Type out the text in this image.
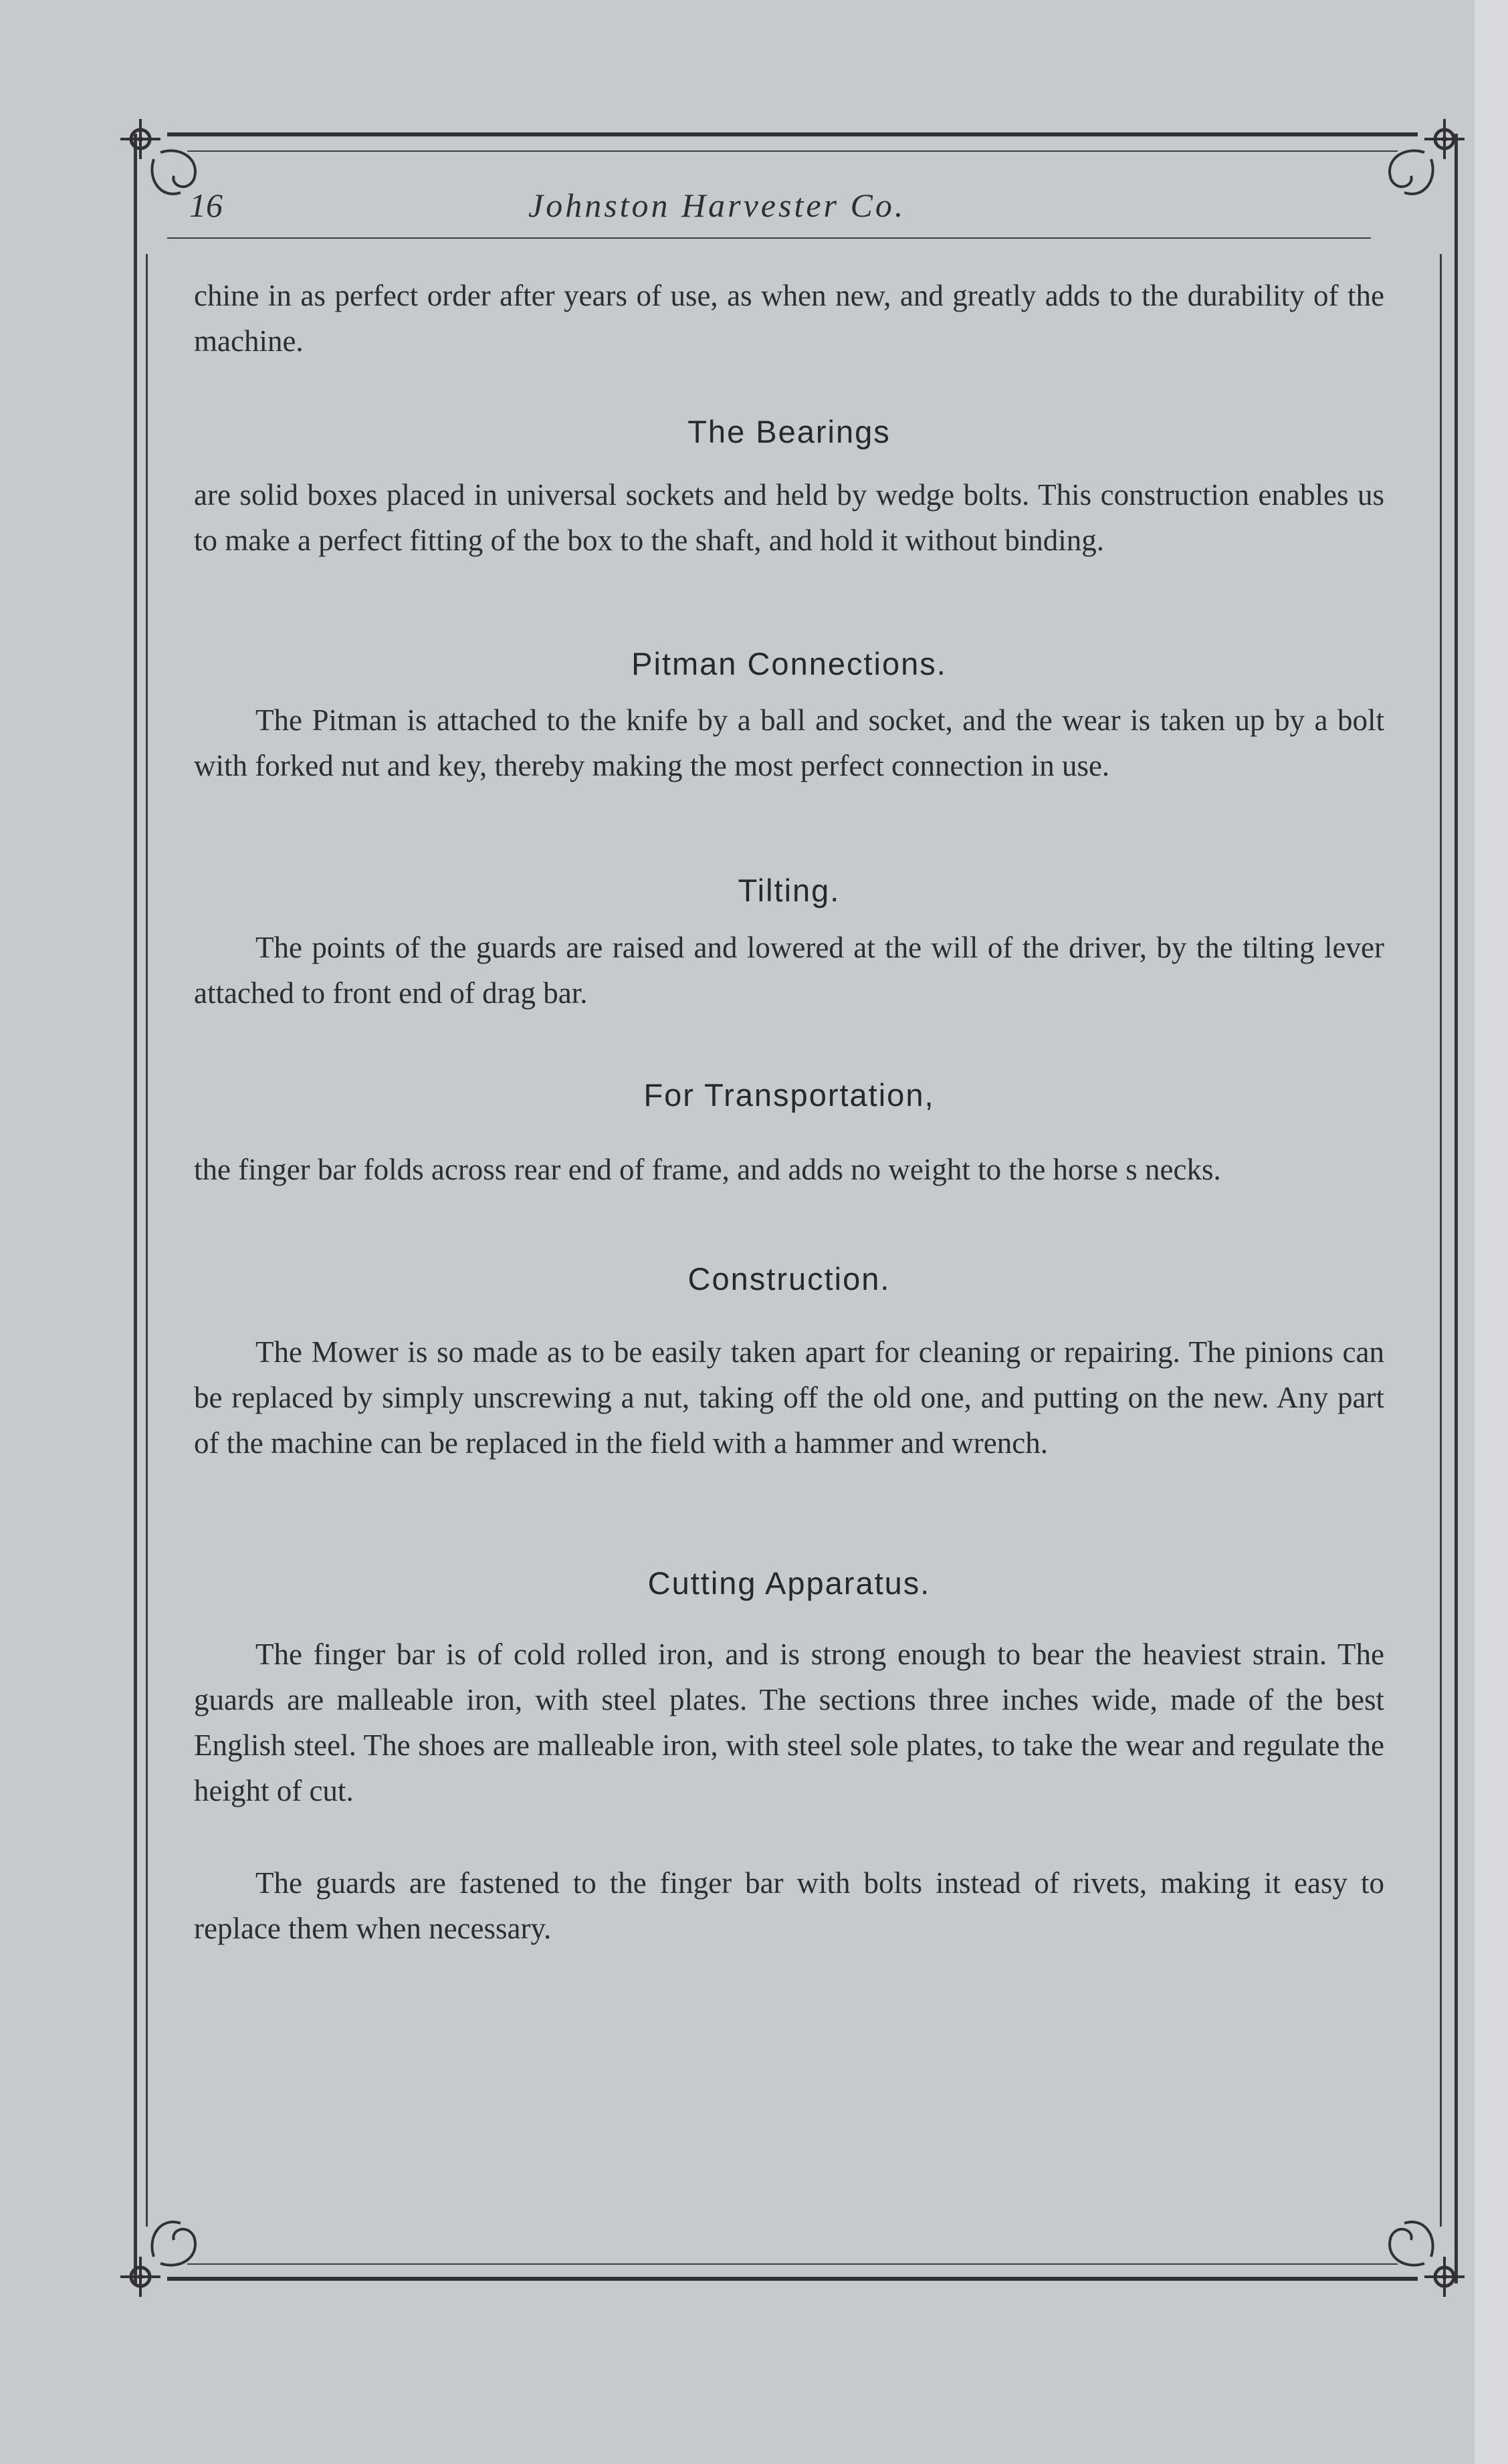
16	Johnston Harvester Co.
chine in as perfect order after years of use, as when new, and greatly adds to the durability of the machine.
The Bearings
are solid boxes placed in universal sockets and held by wedge bolts. This construction enables us to make a perfect fitting of the box to the shaft, and hold it without binding.
Pitman Connections.
The Pitman is attached to the knife by a ball and socket, and the wear is taken up by a bolt with forked nut and key, thereby making the most perfect connection in use.
Tilting.
The points of the guards are raised and lowered at the will of the driver, by the tilting lever attached to front end of drag bar.
For Transportation,
the finger bar folds across rear end of frame, and adds no weight to the horse s necks.
Construction.
The Mower is so made as to be easily taken apart for cleaning or repairing. The pinions can be replaced by simply unscrewing a nut, taking off the old one, and putting on the new. Any part of the machine can be replaced in the field with a hammer and wrench.
Cutting Apparatus.
The finger bar is of cold rolled iron, and is strong enough to bear the heaviest strain. The guards are malleable iron, with steel plates. The sections three inches wide, made of the best English steel. The shoes are malleable iron, with steel sole plates, to take the wear and regulate the height of cut.
The guards are fastened to the finger bar with bolts instead of rivets, making it easy to replace them when necessary.
